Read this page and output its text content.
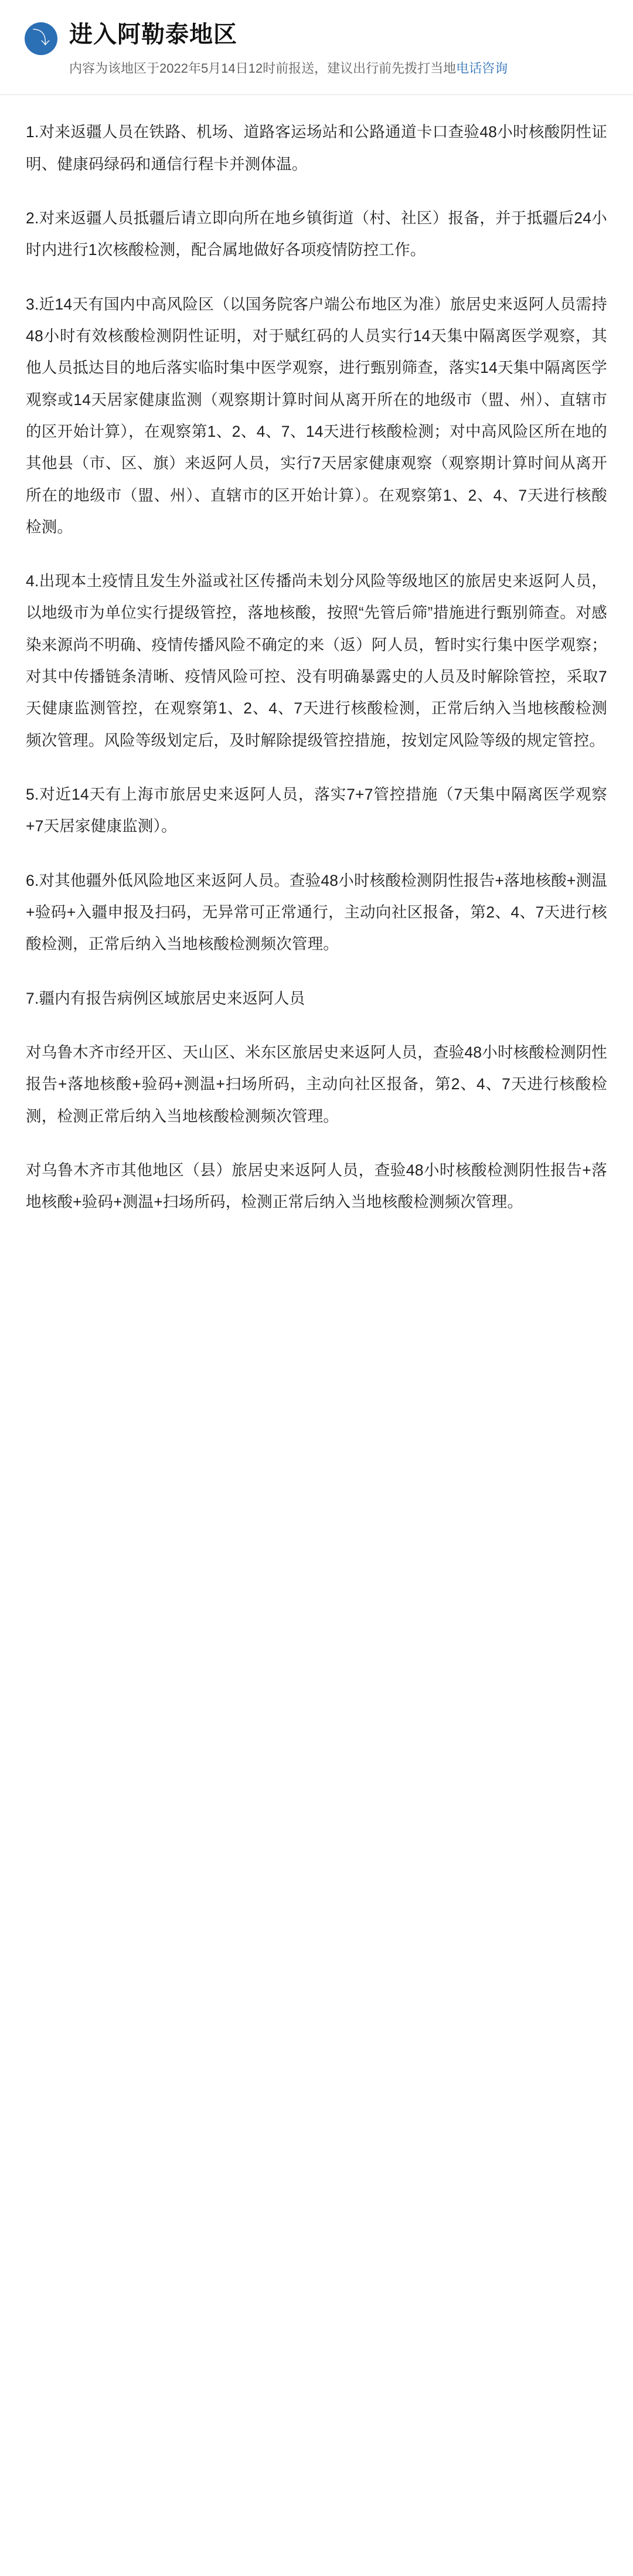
⤵ 进入阿勒泰地区
内容为该地区于2022年5月14日12时前报送，建议出行前先拨打当地电话咨询

1.对来返疆人员在铁路、机场、道路客运场站和公路通道卡口查验48小时核酸阴性证明、健康码绿码和通信行程卡并测体温。

2.对来返疆人员抵疆后请立即向所在地乡镇街道（村、社区）报备，并于抵疆后24小时内进行1次核酸检测，配合属地做好各项疫情防控工作。

3.近14天有国内中高风险区（以国务院客户端公布地区为准）旅居史来返阿人员需持48小时有效核酸检测阴性证明，对于赋红码的人员实行14天集中隔离医学观察，其他人员抵达目的地后落实临时集中医学观察，进行甄别筛查，落实14天集中隔离医学观察或14天居家健康监测（观察期计算时间从离开所在的地级市（盟、州）、直辖市的区开始计算），在观察第1、2、4、7、14天进行核酸检测；对中高风险区所在地的其他县（市、区、旗）来返阿人员，实行7天居家健康观察（观察期计算时间从离开所在的地级市（盟、州）、直辖市的区开始计算）。在观察第1、2、4、7天进行核酸检测。

4.出现本土疫情且发生外溢或社区传播尚未划分风险等级地区的旅居史来返阿人员，以地级市为单位实行提级管控，落地核酸，按照“先管后筛”措施进行甄别筛查。对感染来源尚不明确、疫情传播风险不确定的来（返）阿人员，暂时实行集中医学观察；对其中传播链条清晰、疫情风险可控、没有明确暴露史的人员及时解除管控，采取7天健康监测管控，在观察第1、2、4、7天进行核酸检测，正常后纳入当地核酸检测频次管理。风险等级划定后，及时解除提级管控措施，按划定风险等级的规定管控。

5.对近14天有上海市旅居史来返阿人员，落实7+7管控措施（7天集中隔离医学观察+7天居家健康监测）。

6.对其他疆外低风险地区来返阿人员。查验48小时核酸检测阴性报告+落地核酸+测温+验码+入疆申报及扫码，无异常可正常通行，主动向社区报备，第2、4、7天进行核酸检测，正常后纳入当地核酸检测频次管理。

7.疆内有报告病例区域旅居史来返阿人员

对乌鲁木齐市经开区、天山区、米东区旅居史来返阿人员，查验48小时核酸检测阴性报告+落地核酸+验码+测温+扫场所码，主动向社区报备，第2、4、7天进行核酸检测，检测正常后纳入当地核酸检测频次管理。

对乌鲁木齐市其他地区（县）旅居史来返阿人员，查验48小时核酸检测阴性报告+落地核酸+验码+测温+扫场所码，检测正常后纳入当地核酸检测频次管理。
